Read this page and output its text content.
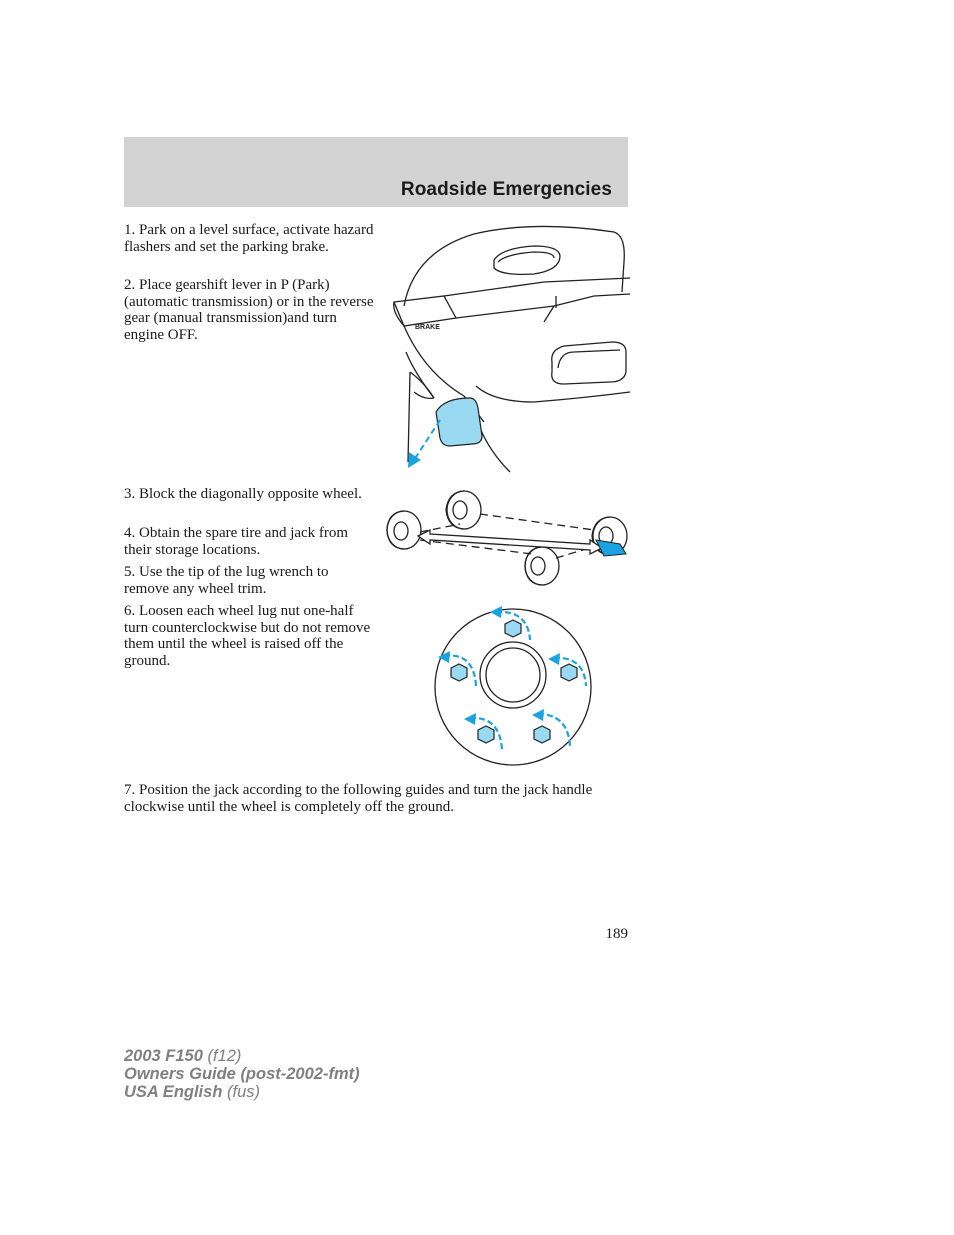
Roadside Emergencies

1. Park on a level surface, activate hazard flashers and set the parking brake.

2. Place gearshift lever in P (Park) (automatic transmission) or in the reverse gear (manual transmission)and turn engine OFF.

3. Block the diagonally opposite wheel.

4. Obtain the spare tire and jack from their storage locations.

5. Use the tip of the lug wrench to remove any wheel trim.

6. Loosen each wheel lug nut one-half turn counterclockwise but do not remove them until the wheel is raised off the ground.

7. Position the jack according to the following guides and turn the jack handle clockwise until the wheel is completely off the ground.

BRAKE
189
2003 F150 (f12)
Owners Guide (post-2002-fmt)
USA English (fus)
